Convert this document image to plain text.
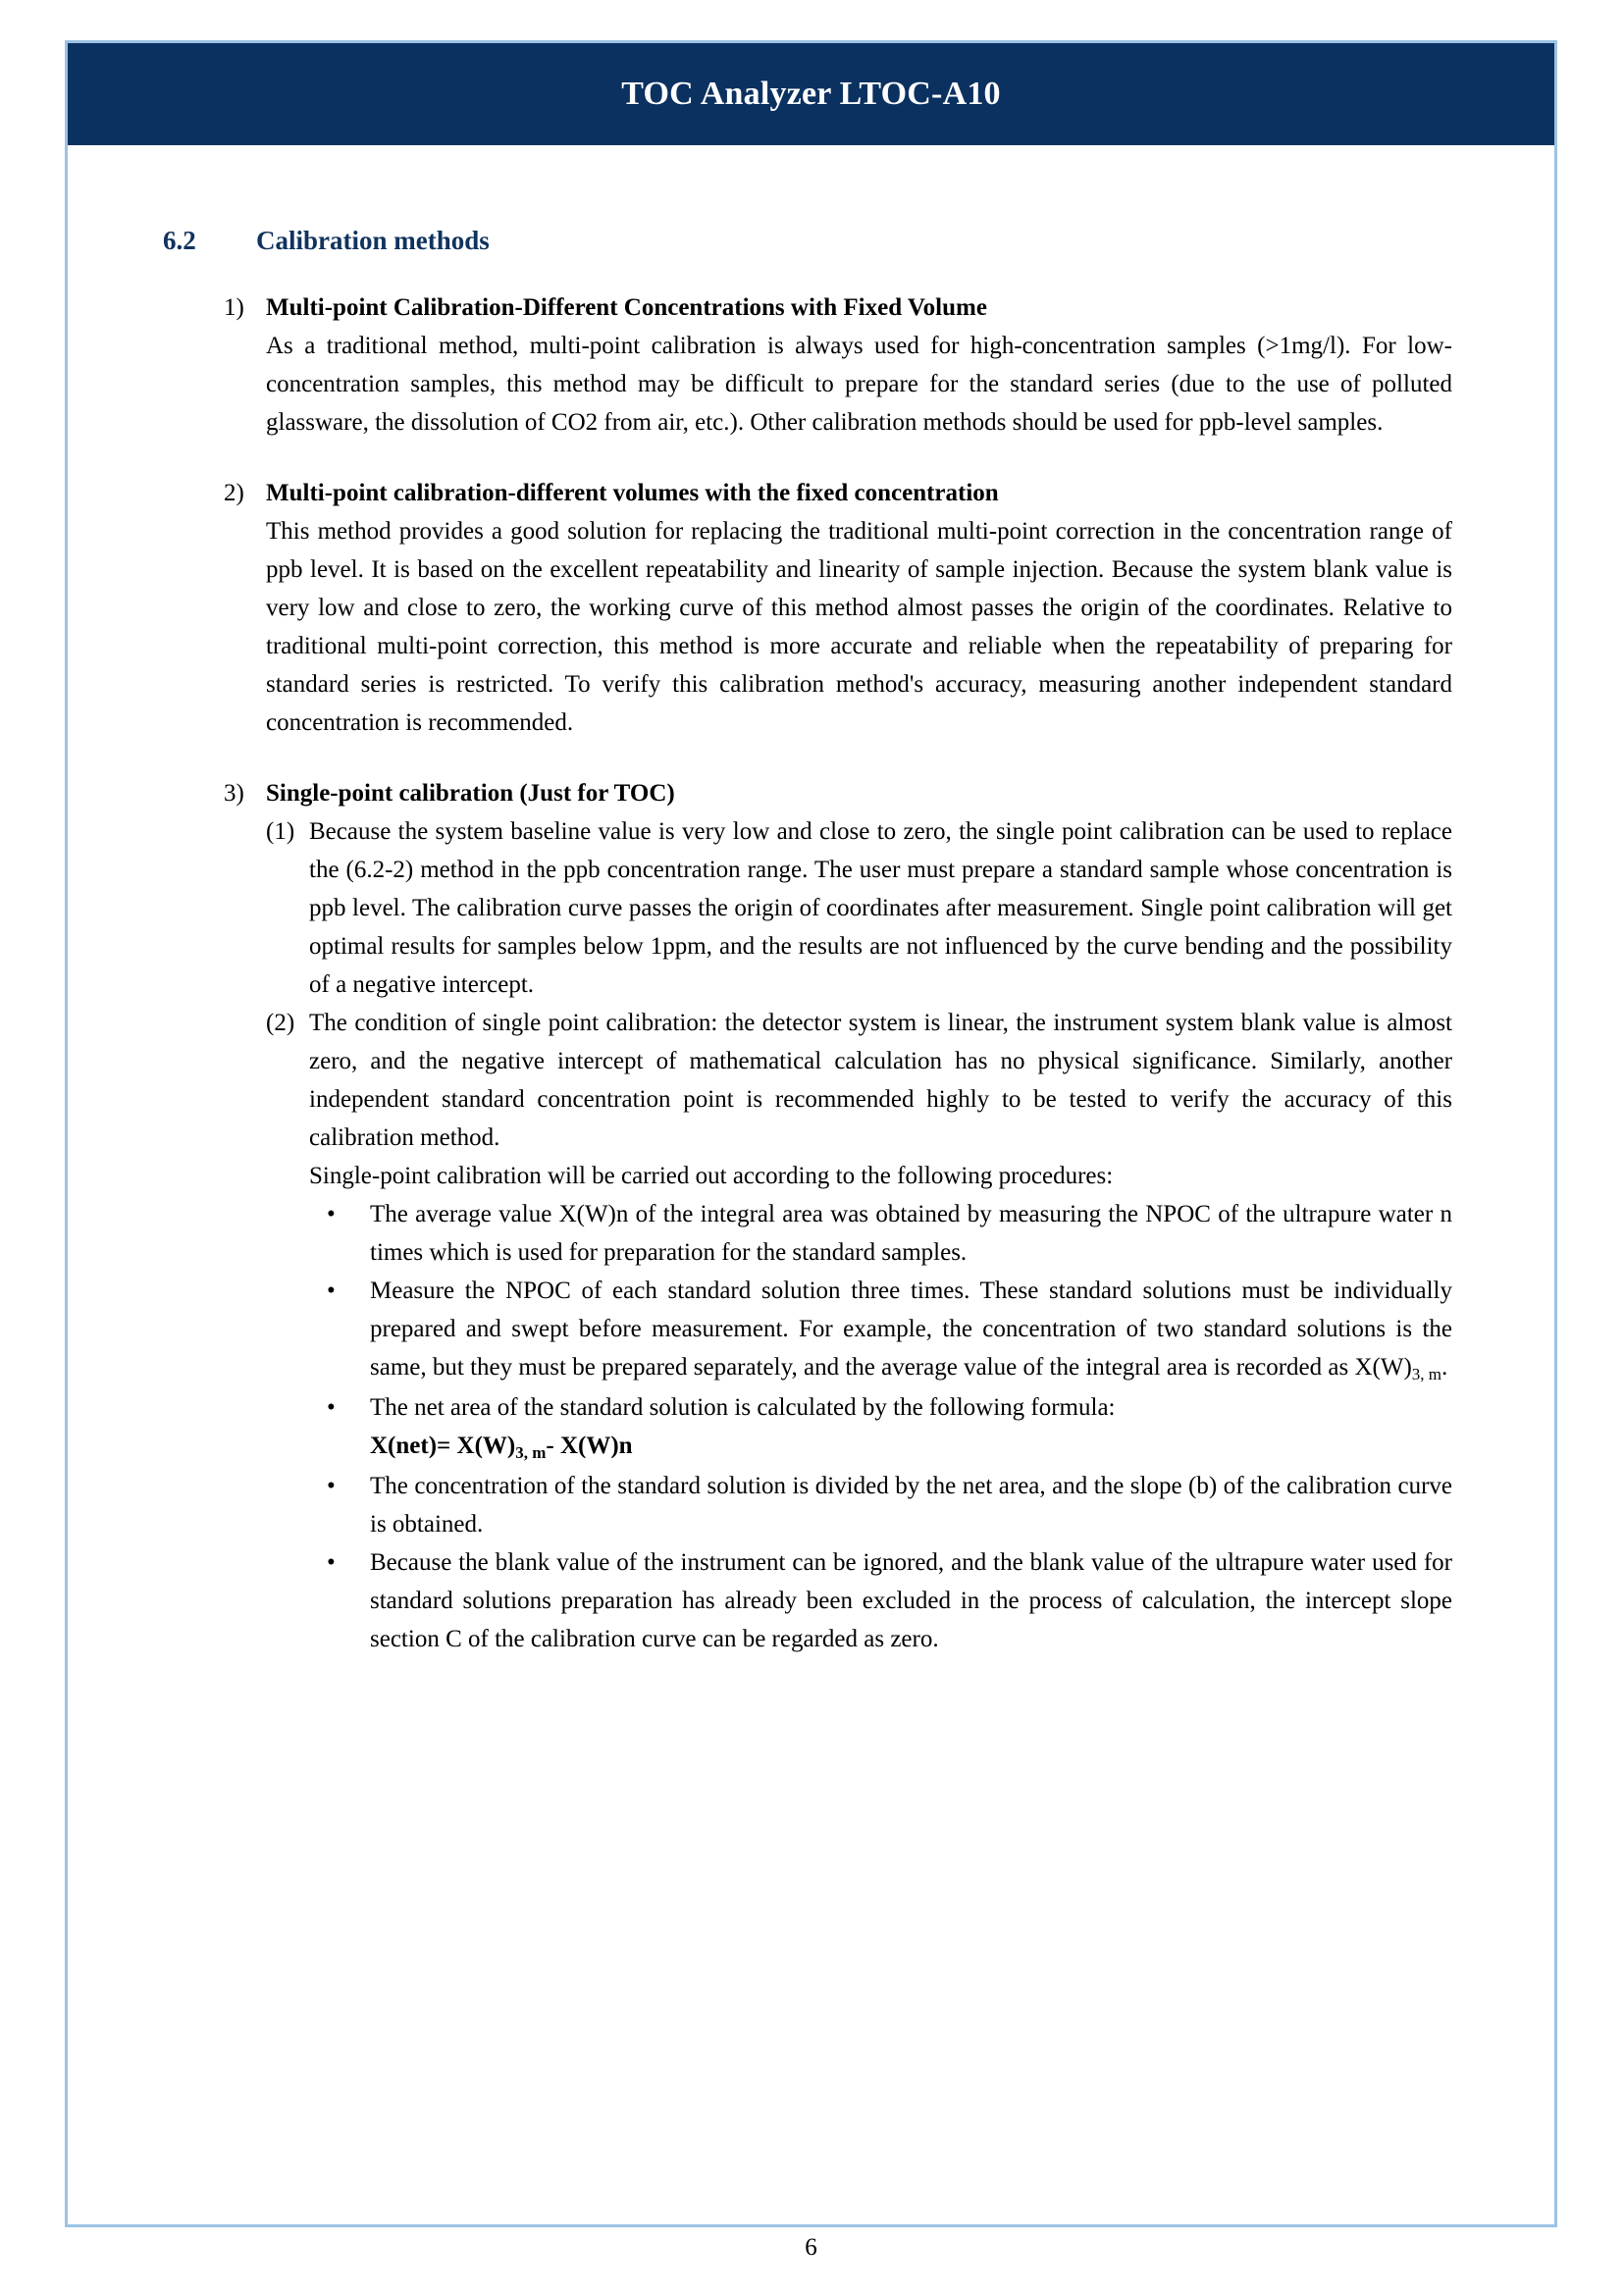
TOC Analyzer LTOC-A10
6.2	Calibration methods
1) Multi-point Calibration-Different Concentrations with Fixed Volume
As a traditional method, multi-point calibration is always used for high-concentration samples (>1mg/l). For low-concentration samples, this method may be difficult to prepare for the standard series (due to the use of polluted glassware, the dissolution of CO2 from air, etc.). Other calibration methods should be used for ppb-level samples.
2) Multi-point calibration-different volumes with the fixed concentration
This method provides a good solution for replacing the traditional multi-point correction in the concentration range of ppb level. It is based on the excellent repeatability and linearity of sample injection. Because the system blank value is very low and close to zero, the working curve of this method almost passes the origin of the coordinates. Relative to traditional multi-point correction, this method is more accurate and reliable when the repeatability of preparing for standard series is restricted. To verify this calibration method's accuracy, measuring another independent standard concentration is recommended.
3) Single-point calibration (Just for TOC)
(1) Because the system baseline value is very low and close to zero, the single point calibration can be used to replace the (6.2-2) method in the ppb concentration range. The user must prepare a standard sample whose concentration is ppb level. The calibration curve passes the origin of coordinates after measurement. Single point calibration will get optimal results for samples below 1ppm, and the results are not influenced by the curve bending and the possibility of a negative intercept.
(2) The condition of single point calibration: the detector system is linear, the instrument system blank value is almost zero, and the negative intercept of mathematical calculation has no physical significance. Similarly, another independent standard concentration point is recommended highly to be tested to verify the accuracy of this calibration method.
Single-point calibration will be carried out according to the following procedures:
•	The average value X(W)n of the integral area was obtained by measuring the NPOC of the ultrapure water n times which is used for preparation for the standard samples.
•	Measure the NPOC of each standard solution three times. These standard solutions must be individually prepared and swept before measurement. For example, the concentration of two standard solutions is the same, but they must be prepared separately, and the average value of the integral area is recorded as $X(W)_{3, m}$.
•	The net area of the standard solution is calculated by the following formula:
$X(net)= X(W)_{3, m}-$ X(W)n
•	The concentration of the standard solution is divided by the net area, and the slope (b) of the calibration curve is obtained.
•	Because the blank value of the instrument can be ignored, and the blank value of the ultrapure water used for standard solutions preparation has already been excluded in the process of calculation, the intercept slope section C of the calibration curve can be regarded as zero.
6
